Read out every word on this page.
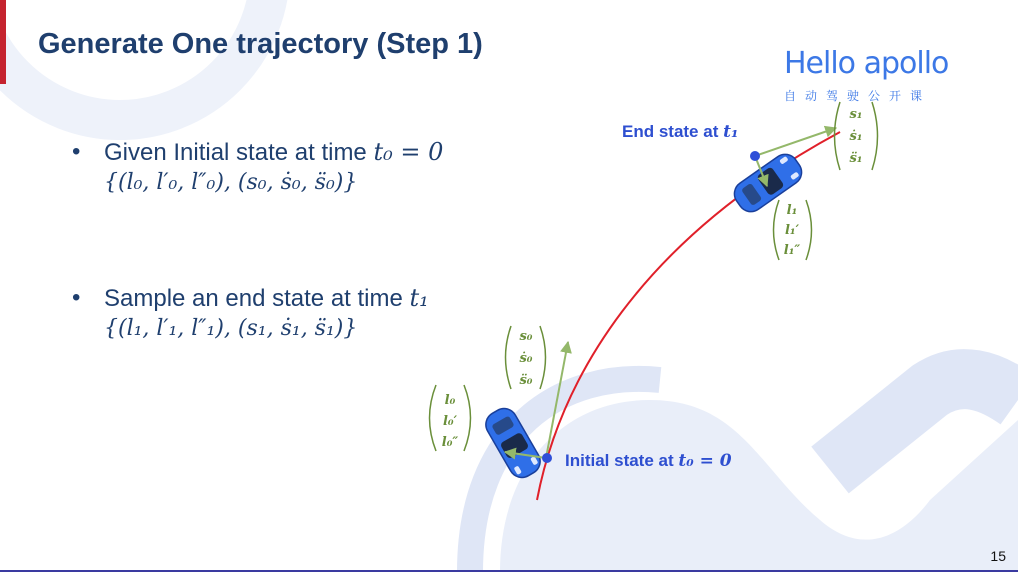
Generate One trajectory (Step 1)
Hello apollo
自动驾驶公开课
• Given Initial state at time t₀ = 0
{(l₀, l′₀, l″₀), (s₀, ṡ₀, s̈₀)}
• Sample an end state at time t₁
{(l₁, l′₁, l″₁), (s₁, ṡ₁, s̈₁)}	s₀
ṡ₀
s̈₀
l₀
l₀′
l₀″
s₁
ṡ₁
s̈₁
l₁
l₁′
l₁″
Initial state at t₀ = 0
End state at t₁
15
